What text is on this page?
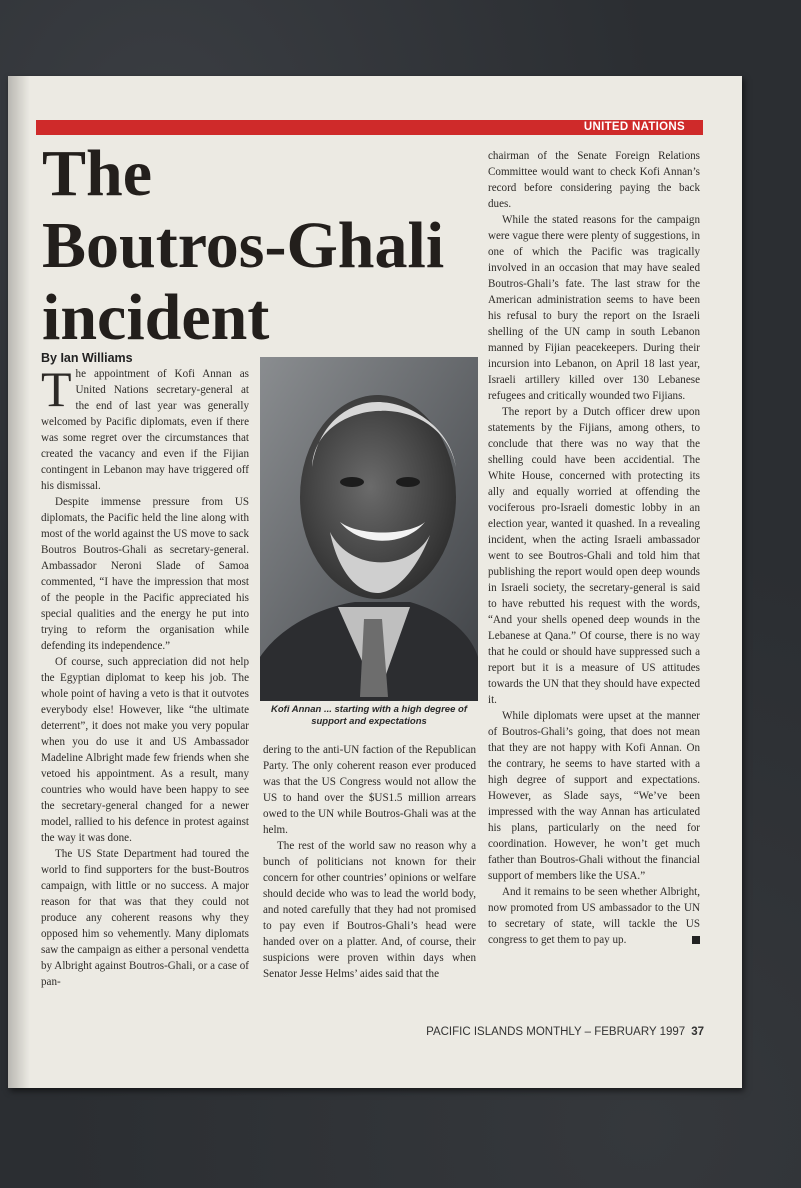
UNITED NATIONS
The
Boutros-Ghali
incident
By Ian Williams

The appointment of Kofi Annan as United Nations secretary-general at the end of last year was generally welcomed by Pacific diplomats, even if there was some regret over the circumstances that created the vacancy and even if the Fijian contingent in Lebanon may have triggered off his dismissal.

Despite immense pressure from US diplomats, the Pacific held the line along with most of the world against the US move to sack Boutros Boutros-Ghali as secretary-general. Ambassador Neroni Slade of Samoa commented, “I have the impression that most of the people in the Pacific appreciated his special qualities and the energy he put into trying to reform the organisation while defending its independence.”

Of course, such appreciation did not help the Egyptian diplomat to keep his job. The whole point of having a veto is that it outvotes everybody else! However, like “the ultimate deterrent”, it does not make you very popular when you do use it and US Ambassador Madeline Albright made few friends when she vetoed his appointment. As a result, many countries who would have been happy to see the secretary-general changed for a newer model, rallied to his defence in protest against the way it was done.

The US State Department had toured the world to find supporters for the bust-Boutros campaign, with little or no success. A major reason for that was that they could not produce any coherent reasons why they opposed him so vehemently. Many diplomats saw the campaign as either a personal vendetta by Albright against Boutros-Ghali, or a case of pan-

Kofi Annan ... starting with a high degree of support and expectations

dering to the anti-UN faction of the Republican Party. The only coherent reason ever produced was that the US Congress would not allow the US to hand over the $US1.5 million arrears owed to the UN while Boutros-Ghali was at the helm.

The rest of the world saw no reason why a bunch of politicians not known for their concern for other countries’ opinions or welfare should decide who was to lead the world body, and noted carefully that they had not promised to pay even if Boutros-Ghali’s head were handed over on a platter. And, of course, their suspicions were proven within days when Senator Jesse Helms’ aides said that the

chairman of the Senate Foreign Relations Committee would want to check Kofi Annan’s record before considering paying the back dues.

While the stated reasons for the campaign were vague there were plenty of suggestions, in one of which the Pacific was tragically involved in an occasion that may have sealed Boutros-Ghali’s fate. The last straw for the American administration seems to have been his refusal to bury the report on the Israeli shelling of the UN camp in south Lebanon manned by Fijian peacekeepers. During their incursion into Lebanon, on April 18 last year, Israeli artillery killed over 130 Lebanese refugees and critically wounded two Fijians.

The report by a Dutch officer drew upon statements by the Fijians, among others, to conclude that there was no way that the shelling could have been accidential. The White House, concerned with protecting its ally and equally worried at offending the vociferous pro-Israeli domestic lobby in an election year, wanted it quashed. In a revealing incident, when the acting Israeli ambassador went to see Boutros-Ghali and told him that publishing the report would open deep wounds in Israeli society, the secretary-general is said to have rebutted his request with the words, “And your shells opened deep wounds in the Lebanese at Qana.” Of course, there is no way that he could or should have suppressed such a report but it is a measure of US attitudes towards the UN that they should have expected it.

While diplomats were upset at the manner of Boutros-Ghali’s going, that does not mean that they are not happy with Kofi Annan. On the contrary, he seems to have started with a high degree of support and expectations. However, as Slade says, “We’ve been impressed with the way Annan has articulated his plans, particularly on the need for coordination. However, he won’t get much father than Boutros-Ghali without the financial support of members like the USA.”

And it remains to be seen whether Albright, now promoted from US ambassador to the UN to secretary of state, will tackle the US congress to get them to pay up.

PACIFIC ISLANDS MONTHLY – FEBRUARY 1997 37
